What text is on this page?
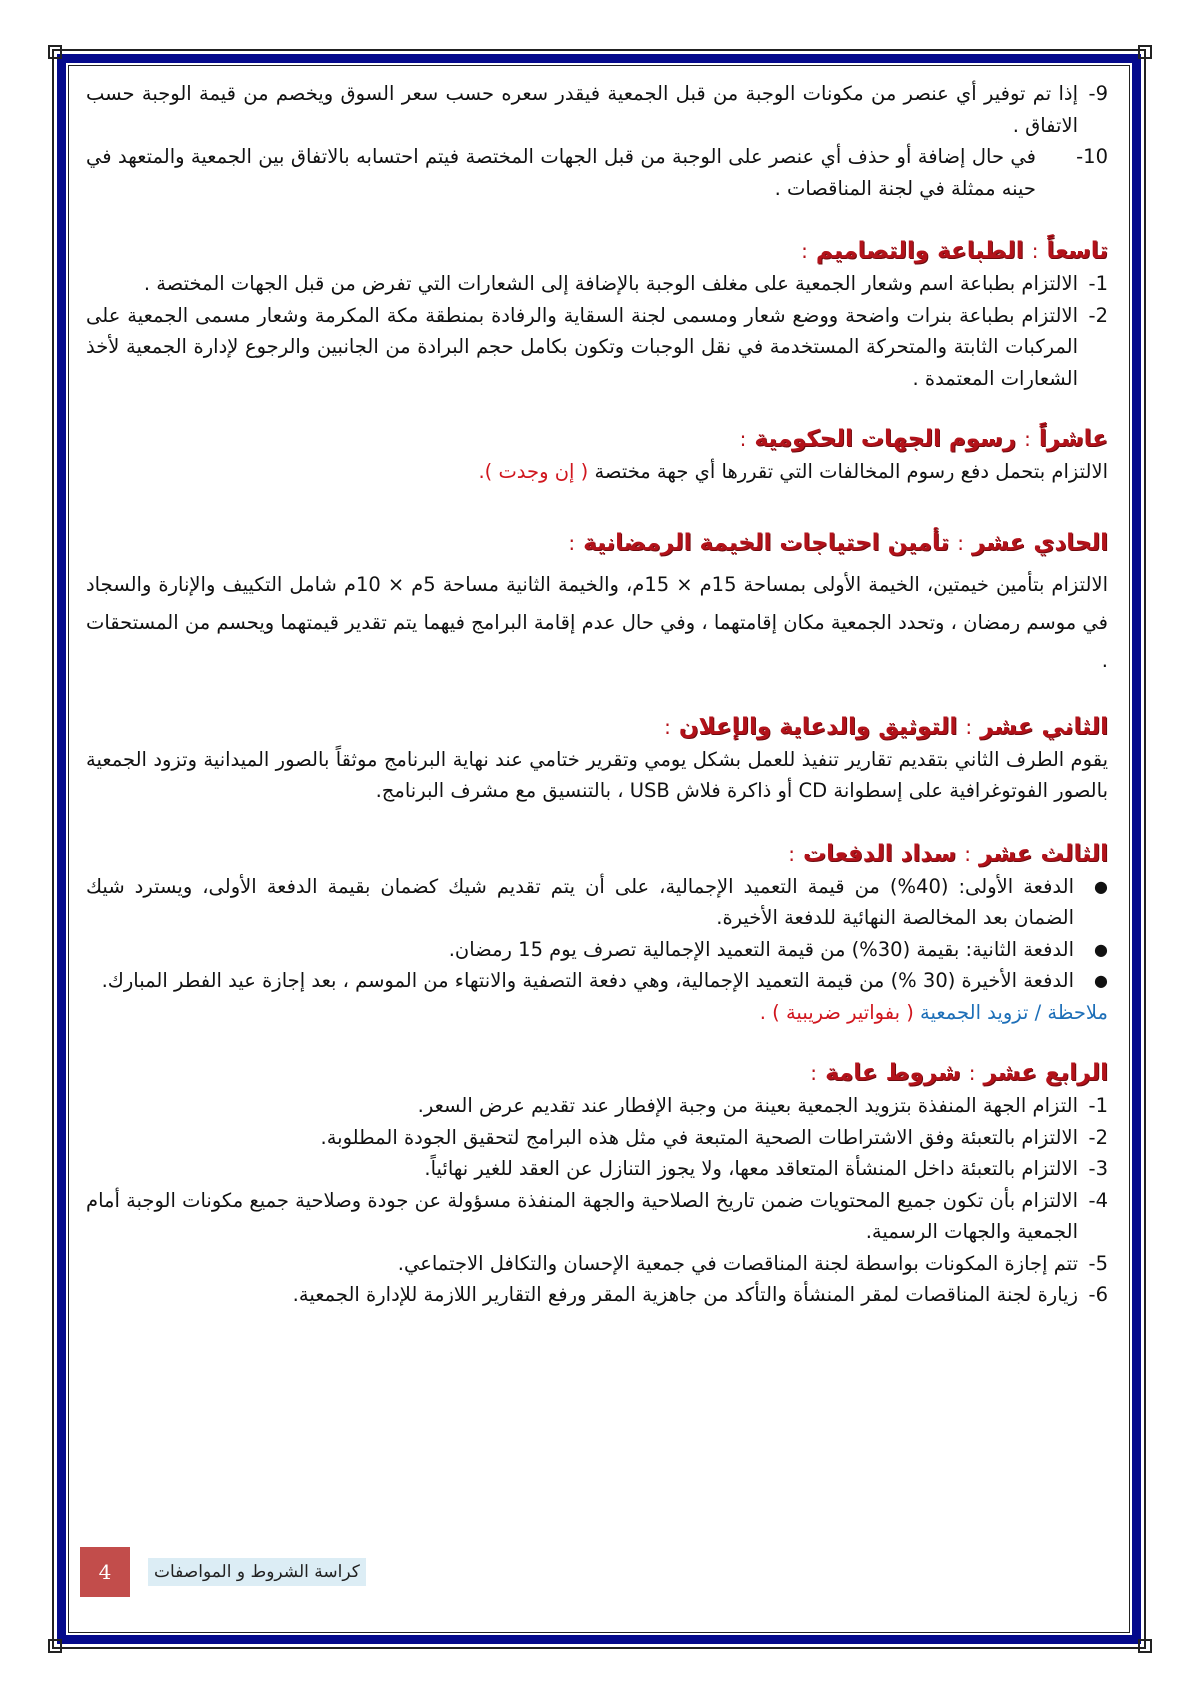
9-
إذا تم توفير أي عنصر من مكونات الوجبة من قبل الجمعية فيقدر سعره حسب سعر السوق ويخصم من قيمة الوجبة حسب الاتفاق .
10-
في حال إضافة أو حذف أي عنصر على الوجبة من قبل الجهات المختصة فيتم احتسابه بالاتفاق بين الجمعية والمتعهد في حينه ممثلة في لجنة المناقصات .
تاسعاً : الطباعة والتصاميم :
1-
الالتزام بطباعة اسم وشعار الجمعية على مغلف الوجبة بالإضافة إلى الشعارات التي تفرض من قبل الجهات المختصة .
2-
الالتزام بطباعة بنرات واضحة ووضع شعار ومسمى لجنة السقاية والرفادة بمنطقة مكة المكرمة وشعار مسمى الجمعية على المركبات الثابتة والمتحركة المستخدمة في نقل الوجبات وتكون بكامل حجم البرادة من الجانبين والرجوع لإدارة الجمعية لأخذ الشعارات المعتمدة .
عاشراً : رسوم الجهات الحكومية :
الالتزام بتحمل دفع رسوم المخالفات التي تقررها أي جهة مختصة ( إن وجدت ).
الحادي عشر : تأمين احتياجات الخيمة الرمضانية :
الالتزام بتأمين خيمتين، الخيمة الأولى بمساحة 15م × 15م، والخيمة الثانية مساحة 5م × 10م شامل التكييف والإنارة والسجاد في موسم رمضان ، وتحدد الجمعية مكان إقامتهما ، وفي حال عدم إقامة البرامج فيهما يتم تقدير قيمتهما ويحسم من المستحقات .
الثاني عشر : التوثيق والدعاية والإعلان :
يقوم الطرف الثاني بتقديم تقارير تنفيذ للعمل بشكل يومي وتقرير ختامي عند نهاية البرنامج موثقاً بالصور الميدانية وتزود الجمعية بالصور الفوتوغرافية على إسطوانة CD أو ذاكرة فلاش USB ، بالتنسيق مع مشرف البرنامج.
الثالث عشر : سداد الدفعات :
●
الدفعة الأولى: (40%) من قيمة التعميد الإجمالية، على أن يتم تقديم شيك كضمان بقيمة الدفعة الأولى، ويسترد شيك الضمان بعد المخالصة النهائية للدفعة الأخيرة.
●
الدفعة الثانية: بقيمة (30%) من قيمة التعميد الإجمالية تصرف يوم 15 رمضان.
●
الدفعة الأخيرة (30 %) من قيمة التعميد الإجمالية، وهي دفعة التصفية والانتهاء من الموسم ، بعد إجازة عيد الفطر المبارك.
ملاحظة / تزويد الجمعية ( بفواتير ضريبية ) .
الرابع عشر : شروط عامة :
1-
التزام الجهة المنفذة بتزويد الجمعية بعينة من وجبة الإفطار عند تقديم عرض السعر.
2-
الالتزام بالتعبئة وفق الاشتراطات الصحية المتبعة في مثل هذه البرامج لتحقيق الجودة المطلوبة.
3-
الالتزام بالتعبئة داخل المنشأة المتعاقد معها، ولا يجوز التنازل عن العقد للغير نهائياً.
4-
الالتزام بأن تكون جميع المحتويات ضمن تاريخ الصلاحية والجهة المنفذة مسؤولة عن جودة وصلاحية جميع مكونات الوجبة أمام الجمعية والجهات الرسمية.
5-
تتم إجازة المكونات بواسطة لجنة المناقصات في جمعية الإحسان والتكافل الاجتماعي.
6-
زيارة لجنة المناقصات لمقر المنشأة والتأكد من جاهزية المقر ورفع التقارير اللازمة للإدارة الجمعية.
4	كراسة الشروط و المواصفات
